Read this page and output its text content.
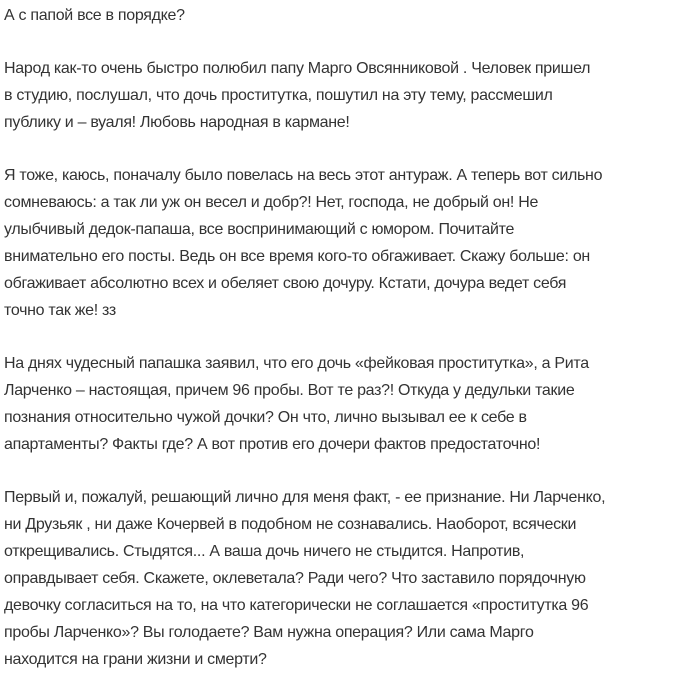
А с папой все в порядке?

Народ как-то очень быстро полюбил папу Марго Овсянниковой . Человек пришел
в студию, послушал, что дочь проститутка, пошутил на эту тему, рассмешил
публику и – вуаля! Любовь народная в кармане!

Я тоже, каюсь, поначалу было повелась на весь этот антураж. А теперь вот сильно
сомневаюсь: а так ли уж он весел и добр?! Нет, господа, не добрый он! Не
улыбчивый дедок-папаша, все воспринимающий с юмором. Почитайте
внимательно его посты. Ведь он все время кого-то обгаживает. Скажу больше: он
обгаживает абсолютно всех и обеляет свою дочуру. Кстати, дочура ведет себя
точно так же! зз

На днях чудесный папашка заявил, что его дочь «фейковая проститутка», а Рита
Ларченко – настоящая, причем 96 пробы. Вот те раз?! Откуда у дедульки такие
познания относительно чужой дочки? Он что, лично вызывал ее к себе в
апартаменты? Факты где? А вот против его дочери фактов предостаточно!

Первый и, пожалуй, решающий лично для меня факт, - ее признание. Ни Ларченко,
ни Друзьяк , ни даже Кочервей в подобном не сознавались. Наоборот, всячески
открещивались. Стыдятся... А ваша дочь ничего не стыдится. Напротив,
оправдывает себя. Скажете, оклеветала? Ради чего? Что заставило порядочную
девочку согласиться на то, на что категорически не соглашается «проститутка 96
пробы Ларченко»? Вы голодаете? Вам нужна операция? Или сама Марго
находится на грани жизни и смерти?
